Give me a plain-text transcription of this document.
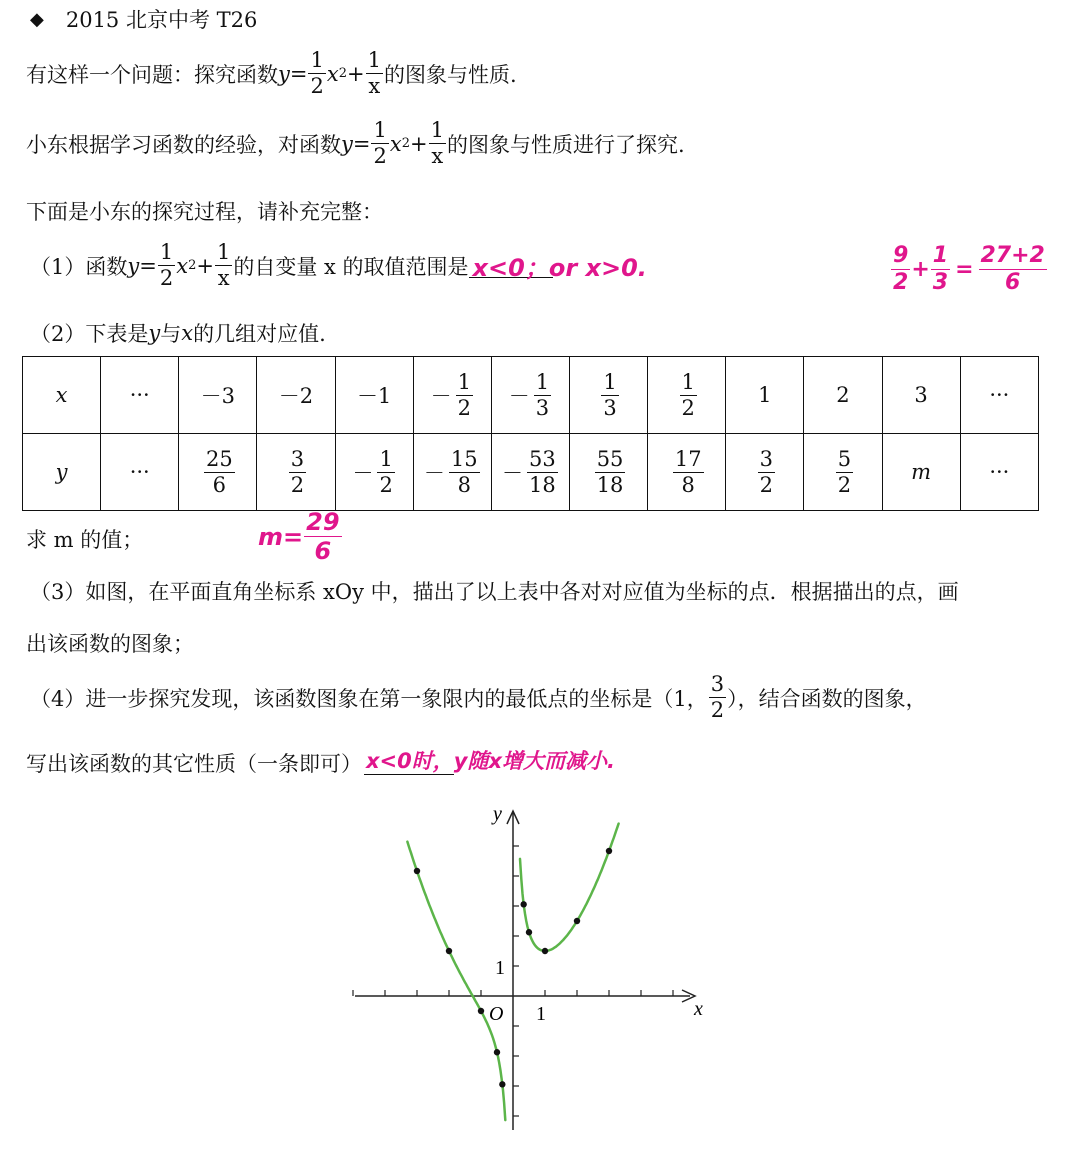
◆ 2015 北京中考 T26
有这样一个问题：探究函数 $y = \frac{1}{2}$ x $2 + \frac{1}{x}$ 的图象与性质.
小东根据学习函数的经验，对函数 $y = \frac{1}{2}$ x $2 + \frac{1}{x}$ 的图象与性质进行了探究.
下面是小东的探究过程，请补充完整：
（1）函数 $y = \frac{1}{2}$ x $2 + \frac{1}{x}$ 的自变量 x 的取值范围是 x<0；or x>0.	$\frac{9}{2} + \frac{1}{3} = \frac{27+2}{6}$
（2）下表是 y 与 x 的几组对应值.
x	···	－3	－2	－1	－ $\frac{1}{2}$	－ $\frac{1}{3}$	$\frac{1}{3}$	$\frac{1}{2}$	1	2	3	···
y	···	$\frac{25}{6}$	$\frac{3}{2}$	－ $\frac{1}{2}$	－ $\frac{15}{8}$	－ $\frac{53}{18}$	$\frac{55}{18}$	$\frac{17}{8}$	$\frac{3}{2}$	$\frac{5}{2}$	m	···
求 m 的值；	$m= \frac{29}{6}$
（3）如图，在平面直角坐标系 xOy 中，描出了以上表中各对对应值为坐标的点．根据描出的点，画
出该函数的图象；
（4）进一步探究发现，该函数图象在第一象限内的最低点的坐标是（1， $\frac{3}{2}$ ），结合函数的图象，
写出该函数的其它性质（一条即可） x<0时，y随x增大而减小.
x
y
O 1
1
